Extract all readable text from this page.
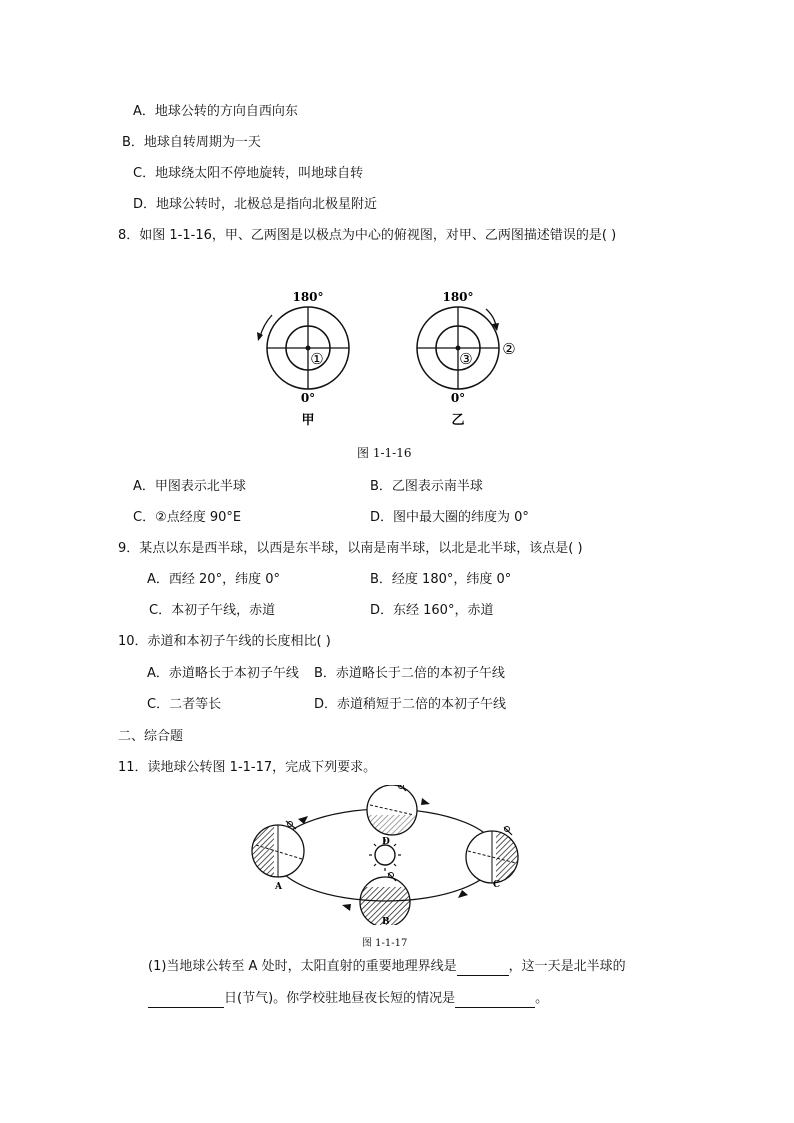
A．地球公转的方向自西向东
B．地球自转周期为一天
C．地球绕太阳不停地旋转，叫地球自转
D．地球公转时，北极总是指向北极星附近
8．如图 1-1-16，甲、乙两图是以极点为中心的俯视图，对甲、乙两图描述错误的是( )
180°
①
0°
甲
180°
③
②
0°
乙
图 1-1-16
A．甲图表示北半球	B．乙图表示南半球
C．②点经度 90°E	D．图中最大圈的纬度为 0°
9．某点以东是西半球，以西是东半球，以南是南半球，以北是北半球，该点是( )
A．西经 20°，纬度 0°	B．经度 180°，纬度 0°
C．本初子午线，赤道	D．东经 160°，赤道
10．赤道和本初子午线的长度相比( )
A．赤道略长于本初子午线 B．赤道略长于二倍的本初子午线
C．二者等长	D．赤道稍短于二倍的本初子午线
二、综合题
11．读地球公转图 1-1-17，完成下列要求。
A
B
C
D
图 1-1-17
(1)当地球公转至 A 处时，太阳直射的重要地理界线是	，这一天是北半球的
日(节气)。你学校驻地昼夜长短的情况是	。
